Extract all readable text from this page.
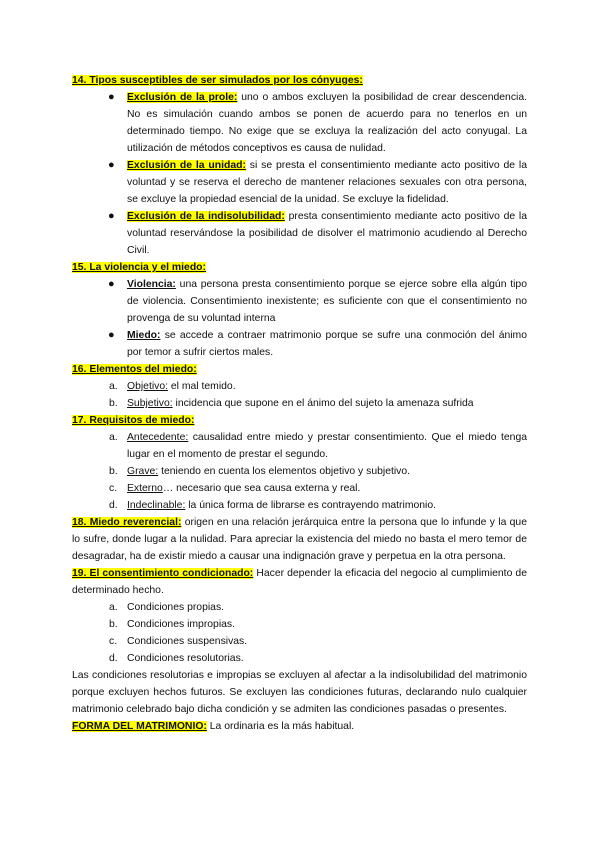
14. Tipos susceptibles de ser simulados por los cónyuges:

● Exclusión de la prole: uno o ambos excluyen la posibilidad de crear descendencia. No es simulación cuando ambos se ponen de acuerdo para no tenerlos en un determinado tiempo. No exige que se excluya la realización del acto conyugal. La utilización de métodos conceptivos es causa de nulidad.

● Exclusión de la unidad: si se presta el consentimiento mediante acto positivo de la voluntad y se reserva el derecho de mantener relaciones sexuales con otra persona, se excluye la propiedad esencial de la unidad. Se excluye la fidelidad.

● Exclusión de la indisolubilidad: presta consentimiento mediante acto positivo de la voluntad reservándose la posibilidad de disolver el matrimonio acudiendo al Derecho Civil.

15. La violencia y el miedo:

● Violencia: una persona presta consentimiento porque se ejerce sobre ella algún tipo de violencia. Consentimiento inexistente; es suficiente con que el consentimiento no provenga de su voluntad interna

● Miedo: se accede a contraer matrimonio porque se sufre una conmoción del ánimo por temor a sufrir ciertos males.

16. Elementos del miedo:

a. Objetivo: el mal temido.

b. Subjetivo: incidencia que supone en el ánimo del sujeto la amenaza sufrida

17. Requisitos de miedo:

a. Antecedente: causalidad entre miedo y prestar consentimiento. Que el miedo tenga lugar en el momento de prestar el segundo.

b. Grave: teniendo en cuenta los elementos objetivo y subjetivo.

c. Externo… necesario que sea causa externa y real.

d. Indeclinable: la única forma de librarse es contrayendo matrimonio.

18. Miedo reverencial: origen en una relación jerárquica entre la persona que lo infunde y la que lo sufre, donde lugar a la nulidad. Para apreciar la existencia del miedo no basta el mero temor de desagradar, ha de existir miedo a causar una indignación grave y perpetua en la otra persona.

19. El consentimiento condicionado: Hacer depender la eficacia del negocio al cumplimiento de determinado hecho.

a. Condiciones propias.

b. Condiciones impropias.

c. Condiciones suspensivas.

d. Condiciones resolutorias.

Las condiciones resolutorias e impropias se excluyen al afectar a la indisolubilidad del matrimonio porque excluyen hechos futuros. Se excluyen las condiciones futuras, declarando nulo cualquier matrimonio celebrado bajo dicha condición y se admiten las condiciones pasadas o presentes.

FORMA DEL MATRIMONIO: La ordinaria es la más habitual.
